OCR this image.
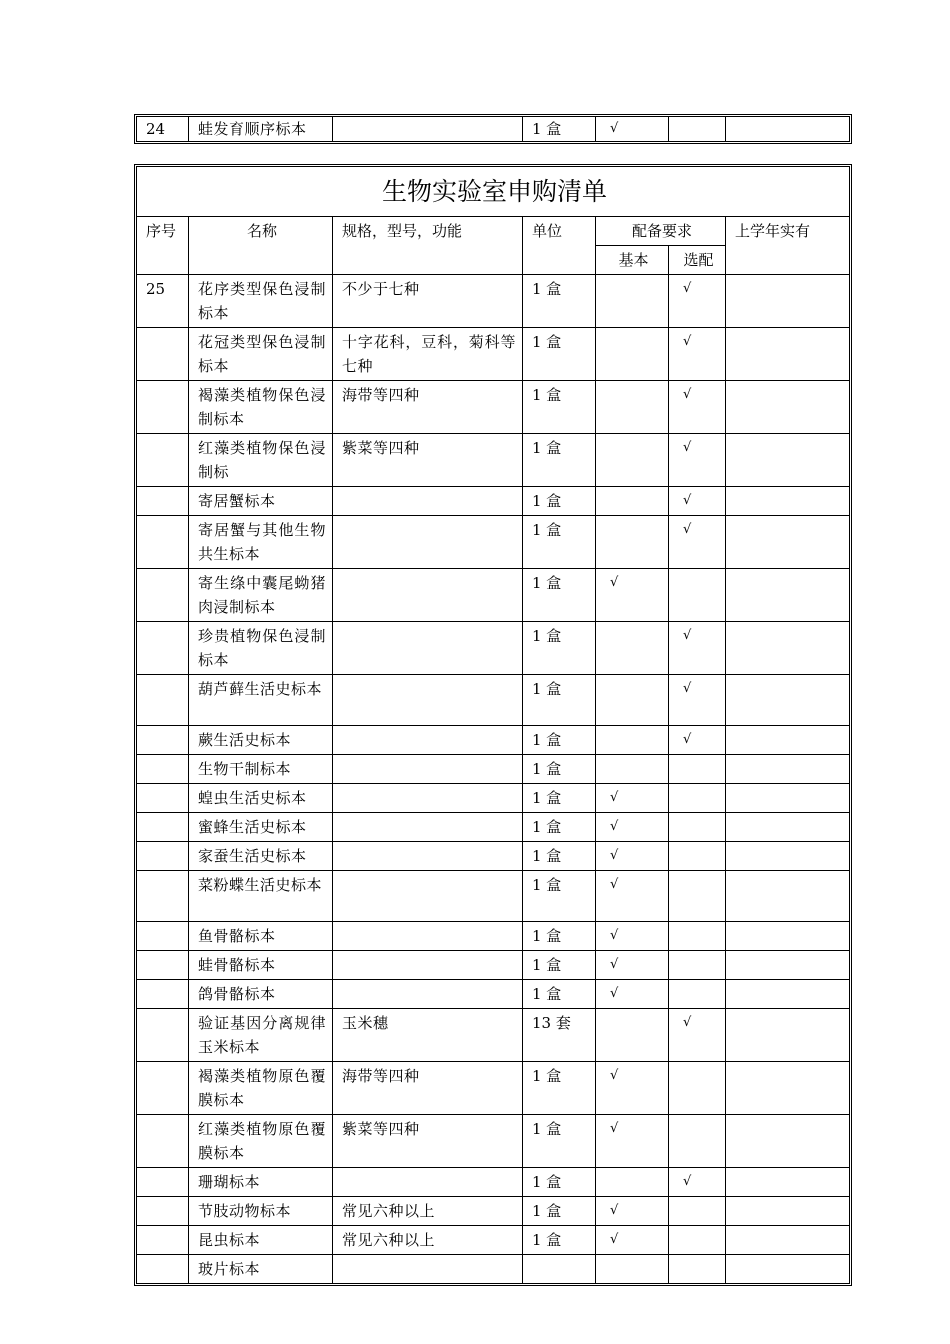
24	蛙发育顺序标本		1 盒	√		
生物实验室申购清单						
序号	名称	规格，型号，功能	单位	配备要求		上学年实有
				基本	选配	
25	花序类型保色浸制标本	不少于七种	1 盒		√	
	花冠类型保色浸制标本	十字花科，豆科，菊科等七种	1 盒		√	
	褐藻类植物保色浸制标本	海带等四种	1 盒		√	
	红藻类植物保色浸制标	紫菜等四种	1 盒		√	
	寄居蟹标本		1 盒		√	
	寄居蟹与其他生物共生标本		1 盒		√	
	寄生绦中囊尾蚴猪肉浸制标本		1 盒	√		
	珍贵植物保色浸制标本		1 盒		√	
	葫芦藓生活史标本		1 盒		√	
	蕨生活史标本		1 盒		√	
	生物干制标本		1 盒			
	蝗虫生活史标本		1 盒	√		
	蜜蜂生活史标本		1 盒	√		
	家蚕生活史标本		1 盒	√		
	菜粉蝶生活史标本		1 盒	√		
	鱼骨骼标本		1 盒	√		
	蛙骨骼标本		1 盒	√		
	鸽骨骼标本		1 盒	√		
	验证基因分离规律玉米标本	玉米穗	13 套		√	
	褐藻类植物原色覆膜标本	海带等四种	1 盒	√		
	红藻类植物原色覆膜标本	紫菜等四种	1 盒	√		
	珊瑚标本		1 盒		√	
	节肢动物标本	常见六种以上	1 盒	√		
	昆虫标本	常见六种以上	1 盒	√		
	玻片标本					
